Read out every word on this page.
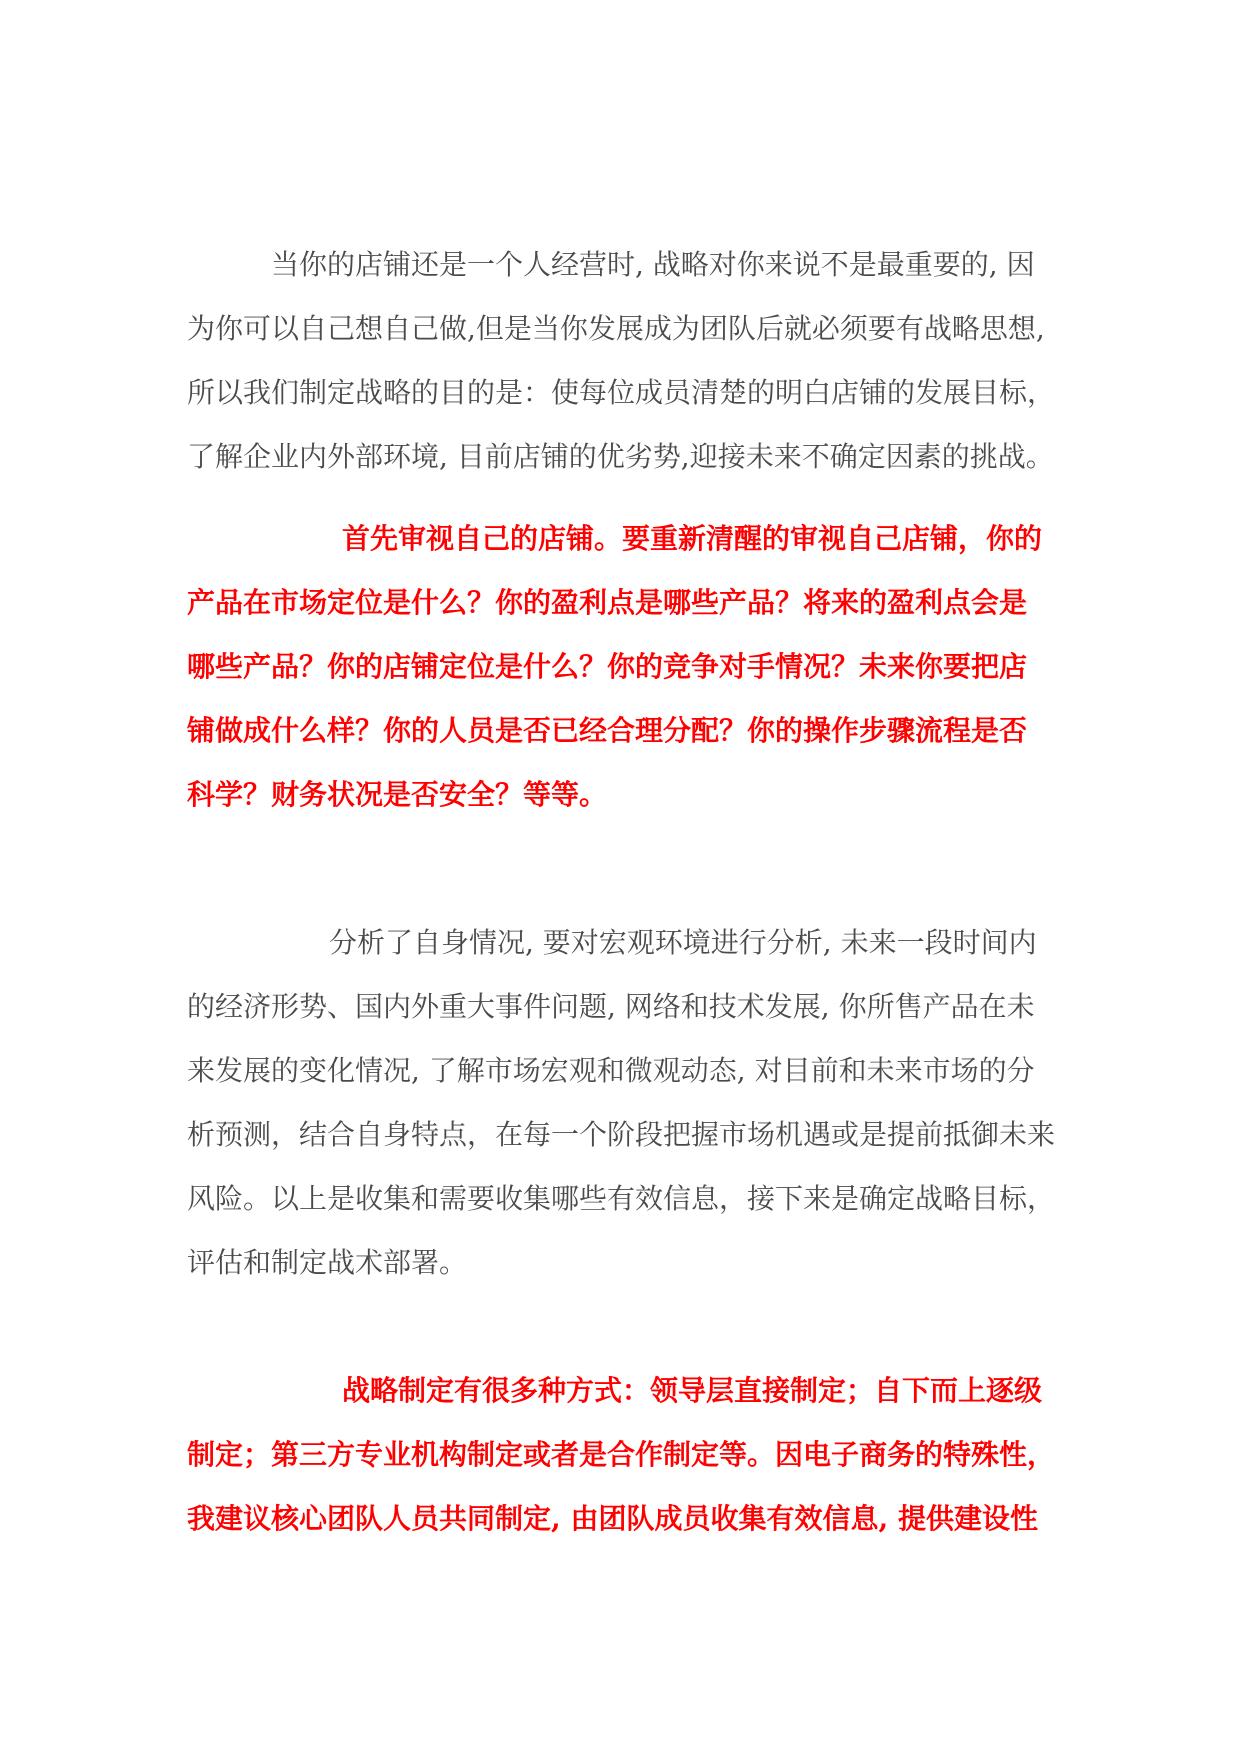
当你的店铺还是一个人经营时, 战略对你来说不是最重要的, 因
为你可以自己想自己做,但是当你发展成为团队后就必须要有战略思想,
所以我们制定战略的目的是：使每位成员清楚的明白店铺的发展目标，
了解企业内外部环境, 目前店铺的优劣势,迎接未来不确定因素的挑战。
首先审视自己的店铺。要重新清醒的审视自己店铺，你的
产品在市场定位是什么？你的盈利点是哪些产品？将来的盈利点会是
哪些产品？你的店铺定位是什么？你的竞争对手情况？未来你要把店
铺做成什么样？你的人员是否已经合理分配？你的操作步骤流程是否
科学？财务状况是否安全？等等。
分析了自身情况, 要对宏观环境进行分析, 未来一段时间内
的经济形势、国内外重大事件问题, 网络和技术发展, 你所售产品在未
来发展的变化情况, 了解市场宏观和微观动态, 对目前和未来市场的分
析预测，结合自身特点，在每一个阶段把握市场机遇或是提前抵御未来
风险。以上是收集和需要收集哪些有效信息，接下来是确定战略目标，
评估和制定战术部署。
战略制定有很多种方式：领导层直接制定；自下而上逐级
制定；第三方专业机构制定或者是合作制定等。因电子商务的特殊性，
我建议核心团队人员共同制定, 由团队成员收集有效信息, 提供建设性
